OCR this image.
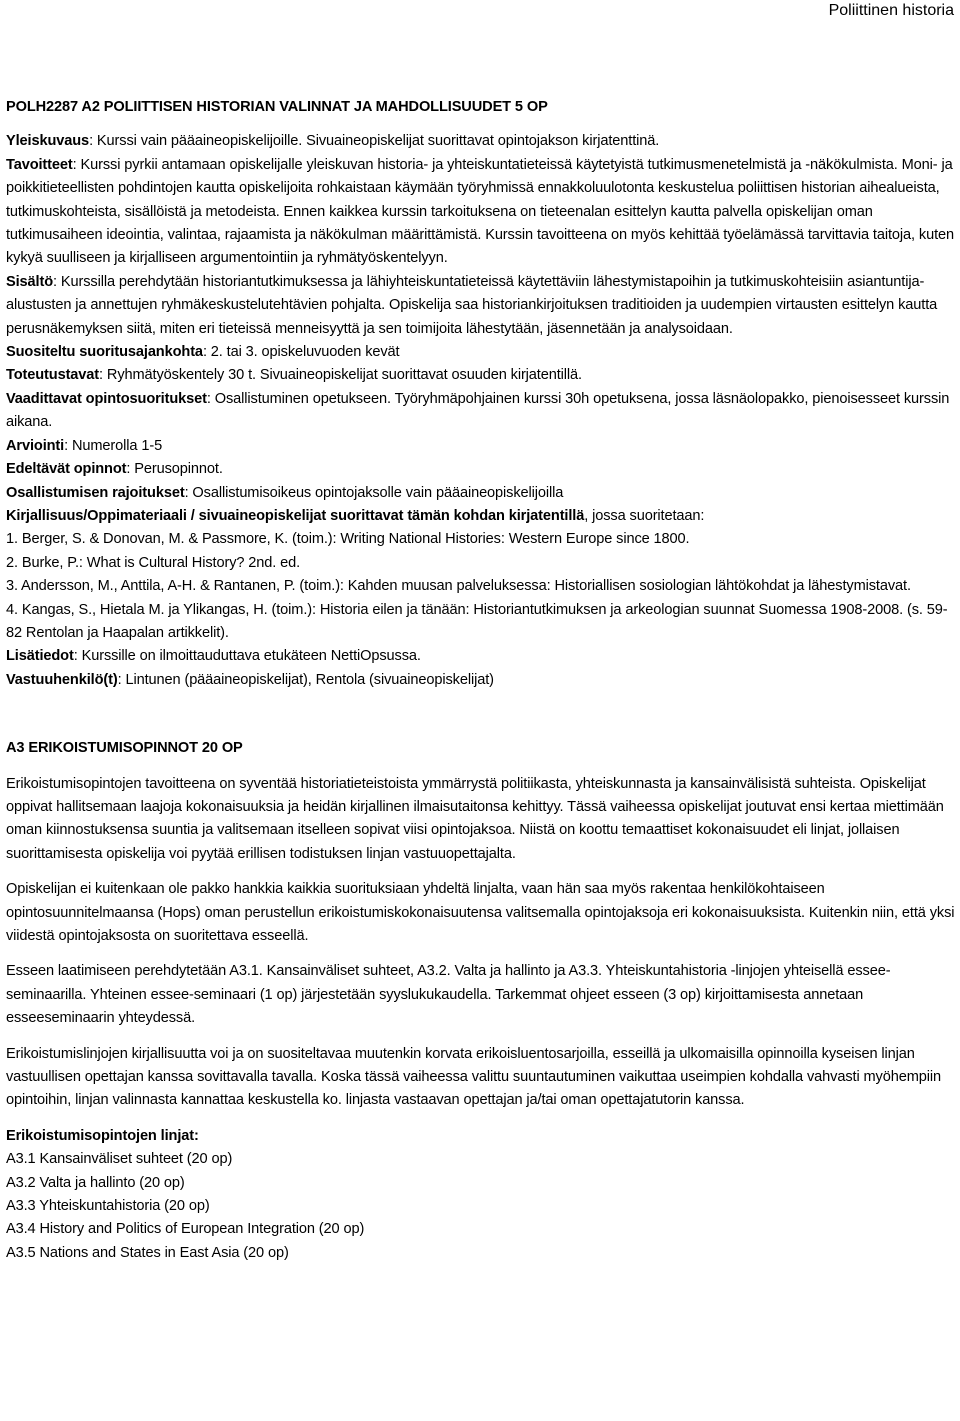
Poliittinen historia

POLH2287 A2 POLIITTISEN HISTORIAN VALINNAT JA MAHDOLLISUUDET 5 OP

Yleiskuvaus: Kurssi vain pääaineopiskelijoille. Sivuaineopiskelijat suorittavat opintojakson kirjatenttinä.

Tavoitteet: Kurssi pyrkii antamaan opiskelijalle yleiskuvan historia- ja yhteiskuntatieteissä käytetyistä tutkimusmenetelmistä ja -näkökulmista. Moni- ja poikkitieteellisten pohdintojen kautta opiskelijoita rohkaistaan käymään työryhmissä ennakkoluulotonta keskustelua poliittisen historian aihealueista, tutkimuskohteista, sisällöistä ja metodeista. Ennen kaikkea kurssin tarkoituksena on tieteenalan esittelyn kautta palvella opiskelijan oman tutkimusaiheen ideointia, valintaa, rajaamista ja näkökulman määrittämistä. Kurssin tavoitteena on myös kehittää työelämässä tarvittavia taitoja, kuten kykyä suulliseen ja kirjalliseen argumentointiin ja ryhmätyöskentelyyn.

Sisältö: Kurssilla perehdytään historiantutkimuksessa ja lähiyhteiskuntatieteissä käytettäviin lähestymistapoihin ja tutkimuskohteisiin asiantuntija-alustusten ja annettujen ryhmäkeskustelutehtävien pohjalta. Opiskelija saa historiankirjoituksen traditioiden ja uudempien virtausten esittelyn kautta perusnäkemyksen siitä, miten eri tieteissä menneisyyttä ja sen toimijoita lähestytään, jäsennetään ja analysoidaan.

Suositeltu suoritusajankohta: 2. tai 3. opiskeluvuoden kevät

Toteutustavat: Ryhmätyöskentely 30 t. Sivuaineopiskelijat suorittavat osuuden kirjatentillä.

Vaadittavat opintosuoritukset: Osallistuminen opetukseen. Työryhmäpohjainen kurssi 30h opetuksena, jossa läsnäolopakko, pienoisesseet kurssin aikana.

Arviointi: Numerolla 1-5

Edeltävät opinnot: Perusopinnot.

Osallistumisen rajoitukset: Osallistumisoikeus opintojaksolle vain pääaineopiskelijoilla

Kirjallisuus/Oppimateriaali / sivuaineopiskelijat suorittavat tämän kohdan kirjatentillä, jossa suoritetaan:

1. Berger, S. & Donovan, M. & Passmore, K. (toim.): Writing National Histories: Western Europe since 1800.

2. Burke, P.: What is Cultural History? 2nd. ed.

3. Andersson, M., Anttila, A-H. & Rantanen, P. (toim.): Kahden muusan palveluksessa: Historiallisen sosiologian lähtökohdat ja lähestymistavat.

4. Kangas, S., Hietala M. ja Ylikangas, H. (toim.): Historia eilen ja tänään: Historiantutkimuksen ja arkeologian suunnat Suomessa 1908-2008. (s. 59-82 Rentolan ja Haapalan artikkelit).

Lisätiedot: Kurssille on ilmoittauduttava etukäteen NettiOpsussa.

Vastuuhenkilö(t): Lintunen (pääaineopiskelijat), Rentola (sivuaineopiskelijat)

A3 ERIKOISTUMISOPINNOT 20 OP

Erikoistumisopintojen tavoitteena on syventää historiatieteistoista ymmärrystä politiikasta, yhteiskunnasta ja kansainvälisistä suhteista. Opiskelijat oppivat hallitsemaan laajoja kokonaisuuksia ja heidän kirjallinen ilmaisutaitonsa kehittyy. Tässä vaiheessa opiskelijat joutuvat ensi kertaa miettimään oman kiinnostuksensa suuntia ja valitsemaan itselleen sopivat viisi opintojaksoa. Niistä on koottu temaattiset kokonaisuudet eli linjat, jollaisen suorittamisesta opiskelija voi pyytää erillisen todistuksen linjan vastuuopettajalta.

Opiskelijan ei kuitenkaan ole pakko hankkia kaikkia suorituksiaan yhdeltä linjalta, vaan hän saa myös rakentaa henkilökohtaiseen opintosuunnitelmaansa (Hops) oman perustellun erikoistumiskokonaisuutensa valitsemalla opintojaksoja eri kokonaisuuksista. Kuitenkin niin, että yksi viidestä opintojaksosta on suoritettava esseellä.

Esseen laatimiseen perehdytetään A3.1. Kansainväliset suhteet, A3.2. Valta ja hallinto ja A3.3. Yhteiskuntahistoria -linjojen yhteisellä essee-seminaarilla. Yhteinen essee-seminaari (1 op) järjestetään syyslukukaudella. Tarkemmat ohjeet esseen (3 op) kirjoittamisesta annetaan esseeseminaarin yhteydessä.

Erikoistumislinjojen kirjallisuutta voi ja on suositeltavaa muutenkin korvata erikoisluentosarjoilla, esseillä ja ulkomaisilla opinnoilla kyseisen linjan vastuullisen opettajan kanssa sovittavalla tavalla. Koska tässä vaiheessa valittu suuntautuminen vaikuttaa useimpien kohdalla vahvasti myöhempiin opintoihin, linjan valinnasta kannattaa keskustella ko. linjasta vastaavan opettajan ja/tai oman opettajatutorin kanssa.

Erikoistumisopintojen linjat:

A3.1 Kansainväliset suhteet (20 op)

A3.2 Valta ja hallinto (20 op)

A3.3 Yhteiskuntahistoria (20 op)

A3.4 History and Politics of European Integration (20 op)

A3.5 Nations and States in East Asia (20 op)
